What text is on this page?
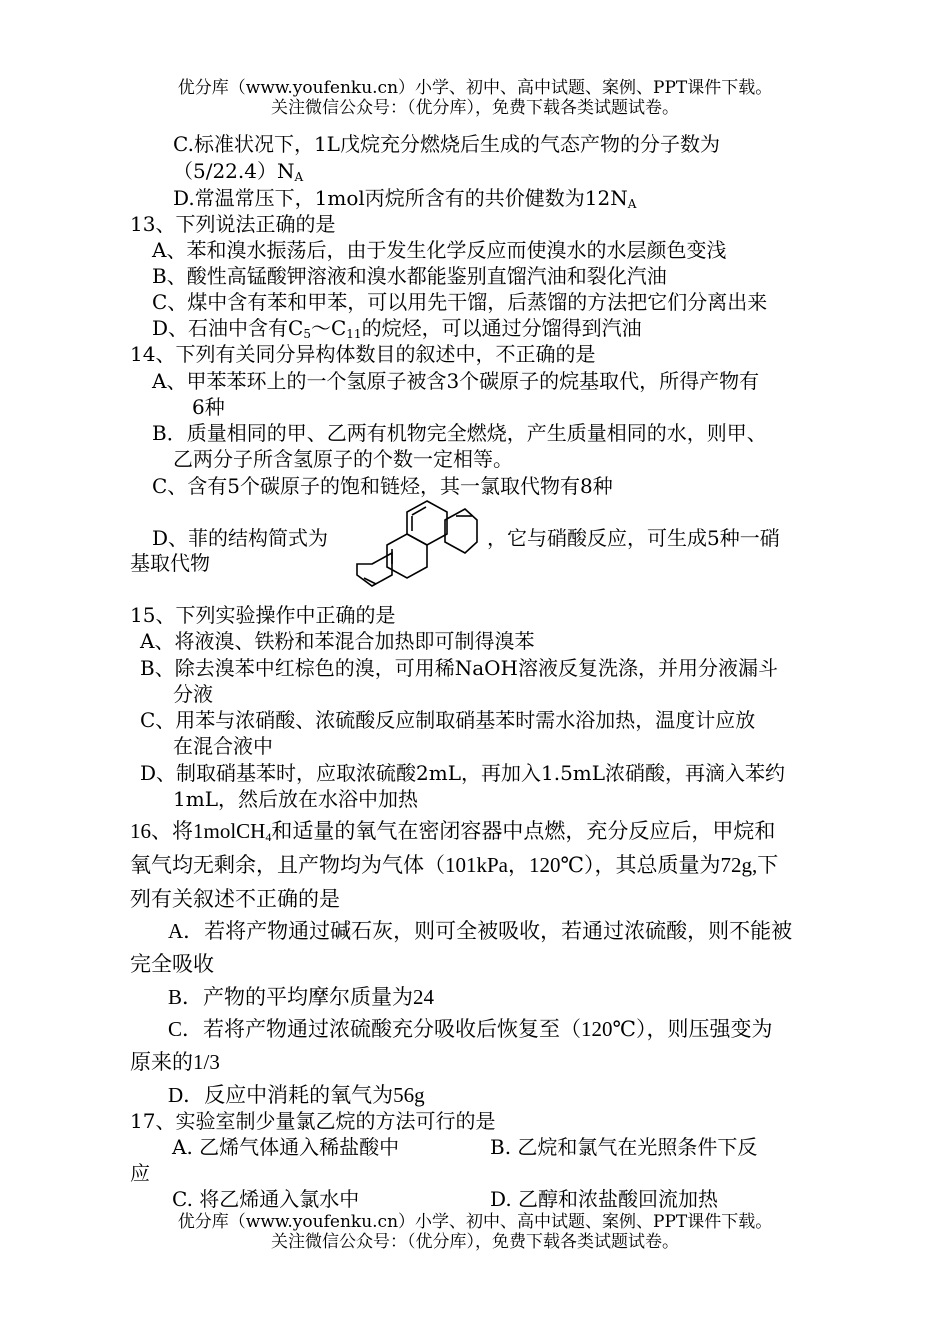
优分库（www.youfenku.cn）小学、初中、高中试题、案例、PPT课件下载。
关注微信公众号：（优分库），免费下载各类试题试卷。
C.标准状况下，1L戊烷充分燃烧后生成的气态产物的分子数为
$(5/22.4)N_A$
D.常温常压下，1mol丙烷所含有的共价健数为$12N_A$
13、下列说法正确的是
A、苯和溴水振荡后，由于发生化学反应而使溴水的水层颜色变浅
B、酸性高锰酸钾溶液和溴水都能鉴别直馏汽油和裂化汽油
C、煤中含有苯和甲苯，可以用先干馏，后蒸馏的方法把它们分离出来
D、石油中含有$C_5\sim C_{11}$的烷烃，可以通过分馏得到汽油
14、下列有关同分异构体数目的叙述中，不正确的是
A、甲苯苯环上的一个氢原子被含3个碳原子的烷基取代，所得产物有
6种
B．质量相同的甲、乙两有机物完全燃烧，产生质量相同的水，则甲、
乙两分子所含氢原子的个数一定相等。
C、含有5个碳原子的饱和链烃，其一氯取代物有8种
D、菲的结构简式为	，它与硝酸反应，可生成5种一硝
基取代物
15、下列实验操作中正确的是
A、将液溴、铁粉和苯混合加热即可制得溴苯
B、除去溴苯中红棕色的溴，可用稀NaOH溶液反复洗涤，并用分液漏斗
分液
C、用苯与浓硝酸、浓硫酸反应制取硝基苯时需水浴加热，温度计应放
在混合液中
D、制取硝基苯时，应取浓硫酸2mL，再加入1.5mL浓硝酸，再滴入苯约
1mL，然后放在水浴中加热
16、将1molCH$_4$和适量的氧气在密闭容器中点燃，充分反应后，甲烷和
氧气均无剩余，且产物均为气体（101kPa，120℃），其总质量为72g,下
列有关叙述不正确的是
A．若将产物通过碱石灰，则可全被吸收，若通过浓硫酸，则不能被
完全吸收
B．产物的平均摩尔质量为24
C．若将产物通过浓硫酸充分吸收后恢复至（120℃），则压强变为
原来的1/3
D．反应中消耗的氧气为56g
17、实验室制少量氯乙烷的方法可行的是
A. 乙烯气体通入稀盐酸中	B. 乙烷和氯气在光照条件下反
应
C. 将乙烯通入氯水中	D. 乙醇和浓盐酸回流加热
优分库（www.youfenku.cn）小学、初中、高中试题、案例、PPT课件下载。
关注微信公众号：（优分库），免费下载各类试题试卷。
